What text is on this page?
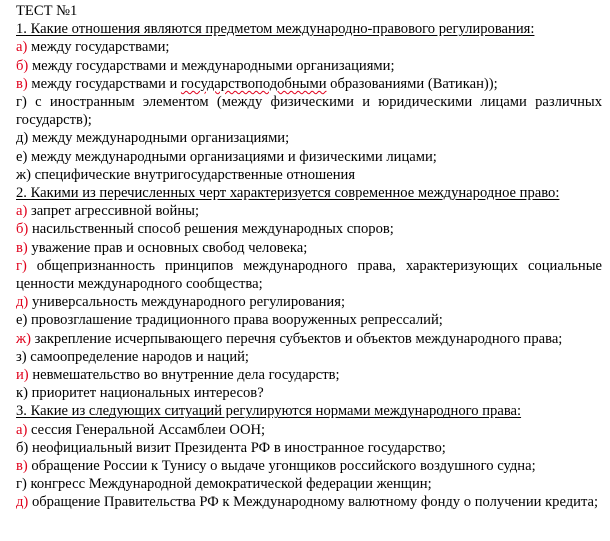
ТЕСТ №1

1. Какие отношения являются предметом международно-правового регулирования:

а) между государствами;

б) между государствами и международными организациями;

в) между государствами и государствоподобными образованиями (Ватикан));

г) с иностранным элементом (между физическими и юридическими лицами различных государств);

д) между международными организациями;

е) между международными организациями и физическими лицами;

ж) специфические внутригосударственные отношения

2. Какими из перечисленных черт характеризуется современное международное право:

а) запрет агрессивной войны;

б) насильственный способ решения международных споров;

в) уважение прав и основных свобод человека;

г) общепризнанность принципов международного права, характеризующих социальные ценности международного сообщества;

д) универсальность международного регулирования;

е) провозглашение традиционного права вооруженных репрессалий;

ж) закрепление исчерпывающего перечня субъектов и объектов международного права;

з) самоопределение народов и наций;

и) невмешательство во внутренние дела государств;

к) приоритет национальных интересов?

3. Какие из следующих ситуаций регулируются нормами международного права:

а) сессия Генеральной Ассамблеи ООН;

б) неофициальный визит Президента РФ в иностранное государство;

в) обращение России к Тунису о выдаче угонщиков российского воздушного судна;

г) конгресс Международной демократической федерации женщин;

д) обращение Правительства РФ к Международному валютному фонду о получении кредита;
